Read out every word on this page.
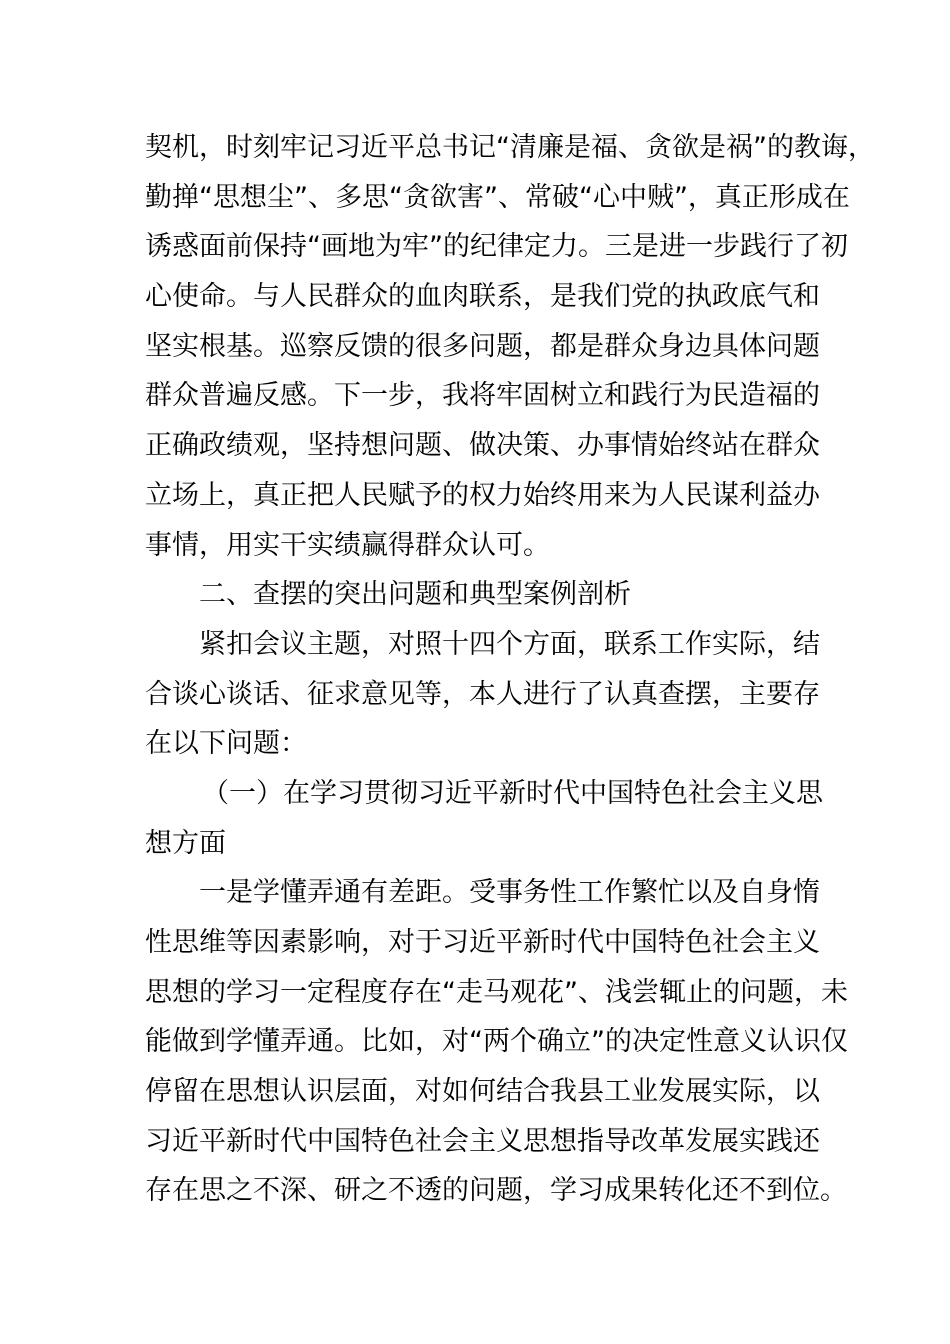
契机，时刻牢记习近平总书记“清廉是福、贪欲是祸”的教诲，
勤掸“思想尘”、多思“贪欲害”、常破“心中贼”，真正形成在
诱惑面前保持“画地为牢”的纪律定力。三是进一步践行了初
心使命。与人民群众的血肉联系，是我们党的执政底气和
坚实根基。巡察反馈的很多问题，都是群众身边具体问题
群众普遍反感。下一步，我将牢固树立和践行为民造福的
正确政绩观，坚持想问题、做决策、办事情始终站在群众
立场上，真正把人民赋予的权力始终用来为人民谋利益办
事情，用实干实绩赢得群众认可。
二、查摆的突出问题和典型案例剖析
紧扣会议主题，对照十四个方面，联系工作实际，结
合谈心谈话、征求意见等，本人进行了认真查摆，主要存
在以下问题：
（一）在学习贯彻习近平新时代中国特色社会主义思
想方面
一是学懂弄通有差距。受事务性工作繁忙以及自身惰
性思维等因素影响，对于习近平新时代中国特色社会主义
思想的学习一定程度存在“走马观花”、浅尝辄止的问题，未
能做到学懂弄通。比如，对“两个确立”的决定性意义认识仅
停留在思想认识层面，对如何结合我县工业发展实际，以
习近平新时代中国特色社会主义思想指导改革发展实践还
存在思之不深、研之不透的问题，学习成果转化还不到位。
